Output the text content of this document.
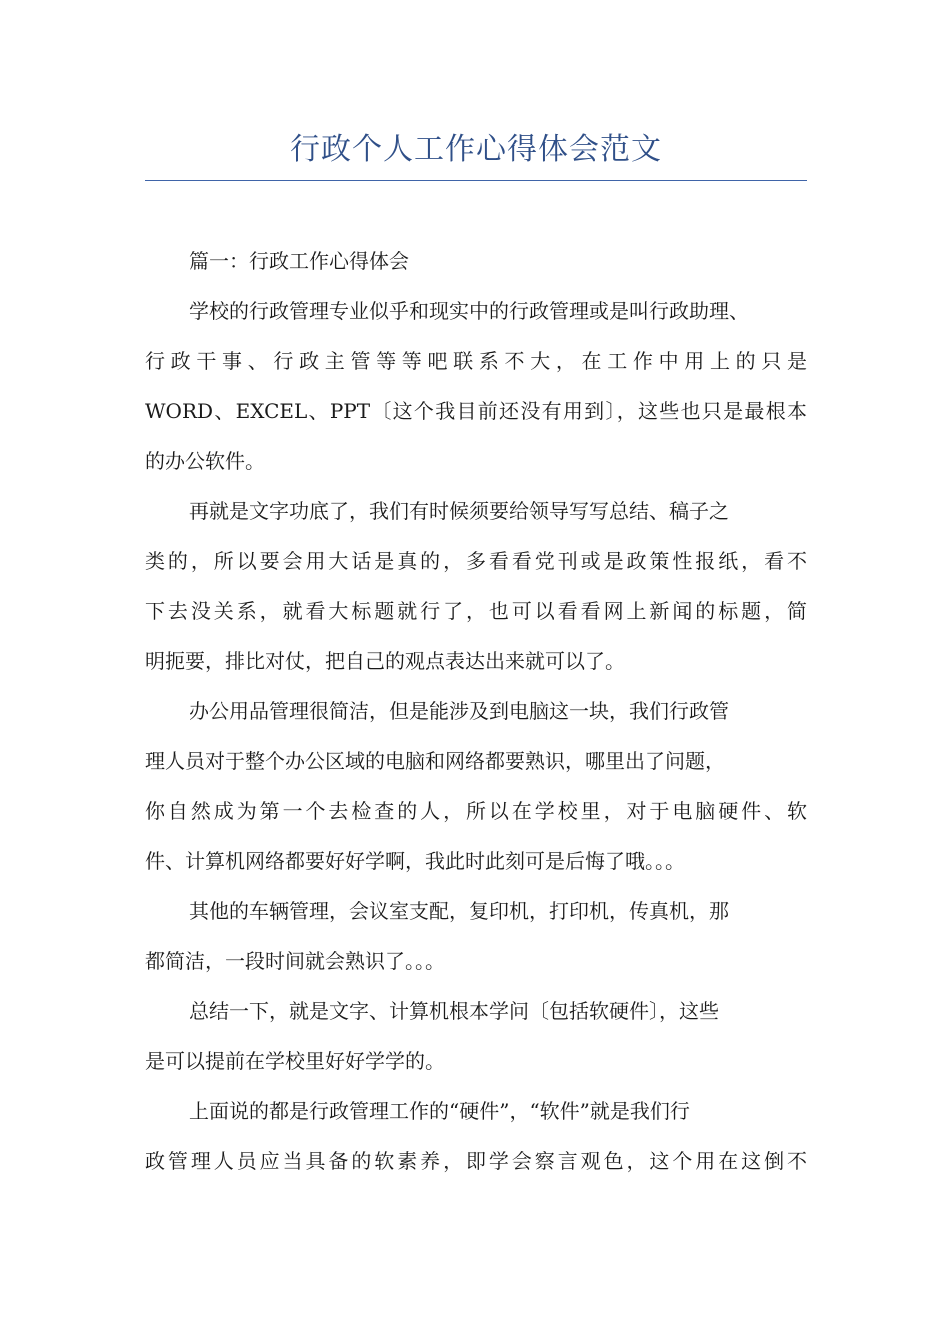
行政个人工作心得体会范文
篇一：行政工作心得体会
学校的行政管理专业似乎和现实中的行政管理或是叫行政助理、
行政干事、行政主管等等吧联系不大，在工作中用上的只是
WORD、EXCEL、PPT〔这个我目前还没有用到〕，这些也只是最根本
的办公软件。
再就是文字功底了，我们有时候须要给领导写写总结、稿子之
类的，所以要会用大话是真的，多看看党刊或是政策性报纸，看不
下去没关系，就看大标题就行了，也可以看看网上新闻的标题，简
明扼要，排比对仗，把自己的观点表达出来就可以了。
办公用品管理很简洁，但是能涉及到电脑这一块，我们行政管
理人员对于整个办公区域的电脑和网络都要熟识，哪里出了问题，
你自然成为第一个去检查的人，所以在学校里，对于电脑硬件、软
件、计算机网络都要好好学啊，我此时此刻可是后悔了哦。。。
其他的车辆管理，会议室支配，复印机，打印机，传真机，那
都简洁，一段时间就会熟识了。。。
总结一下，就是文字、计算机根本学问〔包括软硬件〕，这些
是可以提前在学校里好好学学的。
上面说的都是行政管理工作的“硬件”，“软件”就是我们行
政管理人员应当具备的软素养，即学会察言观色，这个用在这倒不
